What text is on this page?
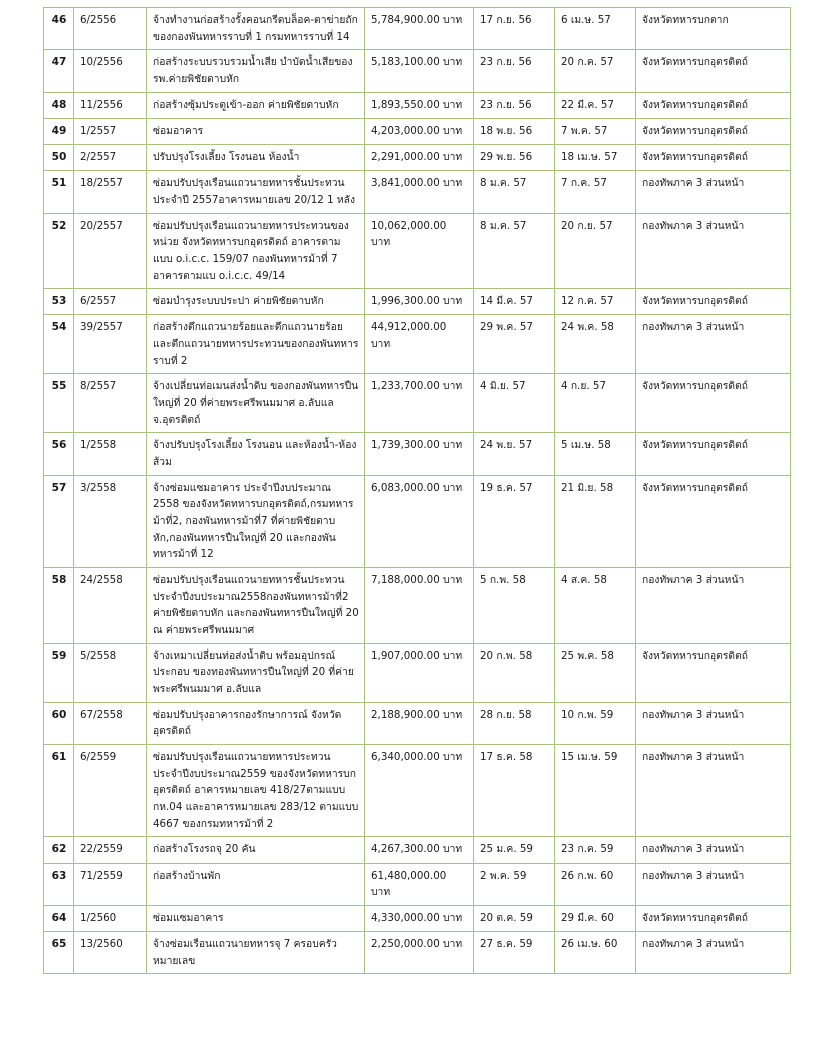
46	6/2556	จ้างทำงานก่อสร้างรั้งคอนกรีตบล็อค-ตาข่ายถักของกองพันทหารราบที่ 1 กรมทหารราบที่ 14	5,784,900.00 บาท	17 ก.ย. 56	6 เม.ษ. 57	จังหวัดทหารบกตาก
47	10/2556	ก่อสร้างระบบรวบรวมน้ำเสีย บำบัดน้ำเสียของรพ.ค่ายพิชัยดาบหัก	5,183,100.00 บาท	23 ก.ย. 56	20 ก.ค. 57	จังหวัดทหารบกอุตรดิตถ์
48	11/2556	ก่อสร้างซุ้มประตูเข้า-ออก ค่ายพิชัยดาบหัก	1,893,550.00 บาท	23 ก.ย. 56	22 มี.ค. 57	จังหวัดทหารบกอุตรดิตถ์
49	1/2557	ซ่อมอาคาร	4,203,000.00 บาท	18 พ.ย. 56	7 พ.ค. 57	จังหวัดทหารบกอุตรดิตถ์
50	2/2557	ปรับปรุงโรงเลี้ยง โรงนอน ห้องน้ำ	2,291,000.00 บาท	29 พ.ย. 56	18 เม.ษ. 57	จังหวัดทหารบกอุตรดิตถ์
51	18/2557	ซ่อมปรับปรุงเรือนแถวนายทหารชั้นประทวน ประจำปี 2557อาคารหมายเลข 20/12 1 หลัง	3,841,000.00 บาท	8 ม.ค. 57	7 ก.ค. 57	กองทัพภาค 3 ส่วนหน้า
52	20/2557	ซ่อมปรับปรุงเรือนแถวนายทหารประทวนของหน่วย จังหวัดทหารบกอุตรดิตถ์ อาคารตามแบบ o.i.c.c. 159/07 กองพันทหารม้าที่ 7 อาคารตามแบ o.i.c.c. 49/14	10,062,000.00 บาท	8 ม.ค. 57	20 ก.ย. 57	กองทัพภาค 3 ส่วนหน้า
53	6/2557	ซ่อมบำรุงระบบประปา ค่ายพิชัยดาบหัก	1,996,300.00 บาท	14 มี.ค. 57	12 ก.ค. 57	จังหวัดทหารบกอุตรดิตถ์
54	39/2557	ก่อสร้างตึกแถวนายร้อยและตึกแถวนายร้อยและตึกแถวนายทหารประทวนของกองพันทหารราบที่ 2	44,912,000.00 บาท	29 พ.ค. 57	24 พ.ค. 58	กองทัพภาค 3 ส่วนหน้า
55	8/2557	จ้างเปลี่ยนท่อเมนส่งน้ำดิบ ของกองพันทหารปืนใหญ่ที่ 20 ที่ค่ายพระศรีพนมมาศ อ.ลับแล จ.อุตรดิตถ์	1,233,700.00 บาท	4 มิ.ย. 57	4 ก.ย. 57	จังหวัดทหารบกอุตรดิตถ์
56	1/2558	จ้างปรับปรุงโรงเลี้ยง โรงนอน และห้องน้ำ-ห้องส้วม	1,739,300.00 บาท	24 พ.ย. 57	5 เม.ษ. 58	จังหวัดทหารบกอุตรดิตถ์
57	3/2558	จ้างซ่อมแซมอาคาร ประจำปีงบประมาณ 2558 ของจังหวัดทหารบกอุตรดิตถ์,กรมทหารม้าที่2, กองพันทหารม้าที่7 ที่ค่ายพิชัยดาบหัก,กองพันทหารปืนใหญ่ที่ 20 และกองพันทหารม้าที่ 12	6,083,000.00 บาท	19 ธ.ค. 57	21 มิ.ย. 58	จังหวัดทหารบกอุตรดิตถ์
58	24/2558	ซ่อมปรับปรุงเรือนแถวนายทหารชั้นประทวนประจำปีงบประมาณ2558กองพันทหารม้าที่2 ค่ายพิชัยดาบหัก และกองพันทหารปืนใหญ่ที่ 20 ณ ค่ายพระศรีพนมมาศ	7,188,000.00 บาท	5 ก.พ. 58	4 ส.ค. 58	กองทัพภาค 3 ส่วนหน้า
59	5/2558	จ้างเหมาเปลี่ยนท่อส่งน้ำดิบ พร้อมอุปกรณ์ประกอบ ของทองพันทหารปืนใหญ่ที่ 20 ที่ค่ายพระศรีพนมมาศ อ.ลับแล	1,907,000.00 บาท	20 ก.พ. 58	25 พ.ค. 58	จังหวัดทหารบกอุตรดิตถ์
60	67/2558	ซ่อมปรับปรุงอาคารกองรักษาการณ์ จังหวัดอุตรดิตถ์	2,188,900.00 บาท	28 ก.ย. 58	10 ก.พ. 59	กองทัพภาค 3 ส่วนหน้า
61	6/2559	ซ่อมปรับปรุงเรือนแถวนายทหารประทวน ประจำปีงบประมาณ2559 ของจังหวัดทหารบกอุตรดิตถ์ อาคารหมายเลข 418/27ตามแบบ กห.04 และอาคารหมายเลข 283/12 ตามแบบ 4667 ของกรมทหารม้าที่ 2	6,340,000.00 บาท	17 ธ.ค. 58	15 เม.ษ. 59	กองทัพภาค 3 ส่วนหน้า
62	22/2559	ก่อสร้างโรงรถจุ 20 คัน	4,267,300.00 บาท	25 ม.ค. 59	23 ก.ค. 59	กองทัพภาค 3 ส่วนหน้า
63	71/2559	ก่อสร้างบ้านพัก	61,480,000.00 บาท	2 พ.ค. 59	26 ก.พ. 60	กองทัพภาค 3 ส่วนหน้า
64	1/2560	ซ่อมแซมอาคาร	4,330,000.00 บาท	20 ต.ค. 59	29 มี.ค. 60	จังหวัดทหารบกอุตรดิตถ์
65	13/2560	จ้างซ่อมเรือนแถวนายทหารจุ 7 ครอบครัว หมายเลข	2,250,000.00 บาท	27 ธ.ค. 59	26 เม.ษ. 60	กองทัพภาค 3 ส่วนหน้า
